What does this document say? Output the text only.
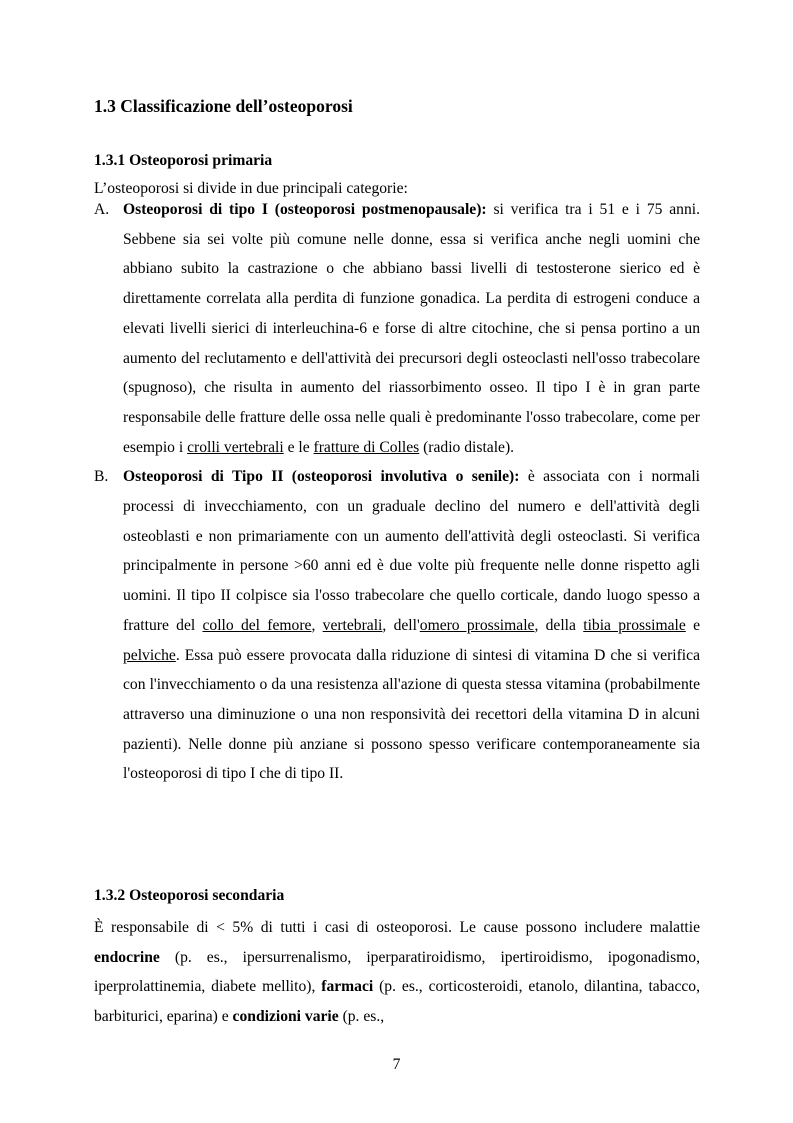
1.3 Classificazione dell’osteoporosi
1.3.1 Osteoporosi primaria

L’osteoporosi si divide in due principali categorie:

A. Osteoporosi di tipo I (osteoporosi postmenopausale): si verifica tra i 51 e i 75 anni. Sebbene sia sei volte più comune nelle donne, essa si verifica anche negli uomini che abbiano subito la castrazione o che abbiano bassi livelli di testosterone sierico ed è direttamente correlata alla perdita di funzione gonadica. La perdita di estrogeni conduce a elevati livelli sierici di interleuchina-6 e forse di altre citochine, che si pensa portino a un aumento del reclutamento e dell'attività dei precursori degli osteoclasti nell'osso trabecolare (spugnoso), che risulta in aumento del riassorbimento osseo. Il tipo I è in gran parte responsabile delle fratture delle ossa nelle quali è predominante l'osso trabecolare, come per esempio i crolli vertebrali e le fratture di Colles (radio distale).
B. Osteoporosi di Tipo II (osteoporosi involutiva o senile): è associata con i normali processi di invecchiamento, con un graduale declino del numero e dell'attività degli osteoblasti e non primariamente con un aumento dell'attività degli osteoclasti. Si verifica principalmente in persone >60 anni ed è due volte più frequente nelle donne rispetto agli uomini. Il tipo II colpisce sia l'osso trabecolare che quello corticale, dando luogo spesso a fratture del collo del femore, vertebrali, dell'omero prossimale, della tibia prossimale e pelviche. Essa può essere provocata dalla riduzione di sintesi di vitamina D che si verifica con l'invecchiamento o da una resistenza all'azione di questa stessa vitamina (probabilmente attraverso una diminuzione o una non responsività dei recettori della vitamina D in alcuni pazienti). Nelle donne più anziane si possono spesso verificare contemporaneamente sia l'osteoporosi di tipo I che di tipo II.
1.3.2 Osteoporosi secondaria

È responsabile di < 5% di tutti i casi di osteoporosi. Le cause possono includere malattie endocrine (p. es., ipersurrenalismo, iperparatiroidismo, ipertiroidismo, ipogonadismo, iperprolattinemia, diabete mellito), farmaci (p. es., corticosteroidi, etanolo, dilantina, tabacco, barbiturici, eparina) e condizioni varie (p. es.,

7
